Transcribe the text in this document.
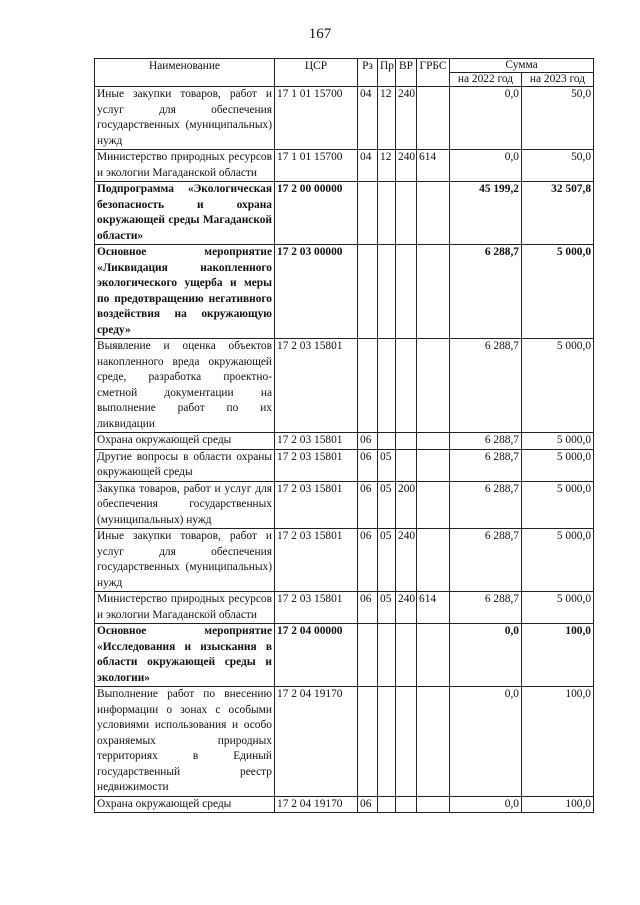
167
Наименование	ЦСР	Рз	Пр	ВР	ГРБС	Сумма	
						на 2022 год	на 2023 год
Иные закупки товаров, работ и услуг для обеспечения государственных (муниципальных) нужд	17 1 01 15700	04	12	240		0,0	50,0
Министерство природных ресурсов и экологии Магаданской области	17 1 01 15700	04	12	240	614	0,0	50,0
Подпрограмма «Экологическая безопасность и охрана окружающей среды Магаданской области»	17 2 00 00000					45 199,2	32 507,8
Основное мероприятие «Ликвидация накопленного экологического ущерба и меры по предотвращению негативного воздействия на окружающую среду»	17 2 03 00000					6 288,7	5 000,0
Выявление и оценка объектов накопленного вреда окружающей среде, разработка проектно-сметной документации на выполнение работ по их ликвидации	17 2 03 15801					6 288,7	5 000,0
Охрана окружающей среды	17 2 03 15801	06				6 288,7	5 000,0
Другие вопросы в области охраны окружающей среды	17 2 03 15801	06	05			6 288,7	5 000,0
Закупка товаров, работ и услуг для обеспечения государственных (муниципальных) нужд	17 2 03 15801	06	05	200		6 288,7	5 000,0
Иные закупки товаров, работ и услуг для обеспечения государственных (муниципальных) нужд	17 2 03 15801	06	05	240		6 288,7	5 000,0
Министерство природных ресурсов и экологии Магаданской области	17 2 03 15801	06	05	240	614	6 288,7	5 000,0
Основное мероприятие «Исследования и изыскания в области окружающей среды и экологии»	17 2 04 00000					0,0	100,0
Выполнение работ по внесению информации о зонах с особыми условиями использования и особо охраняемых природных территориях в Единый государственный реестр недвижимости	17 2 04 19170					0,0	100,0
Охрана окружающей среды	17 2 04 19170	06				0,0	100,0
